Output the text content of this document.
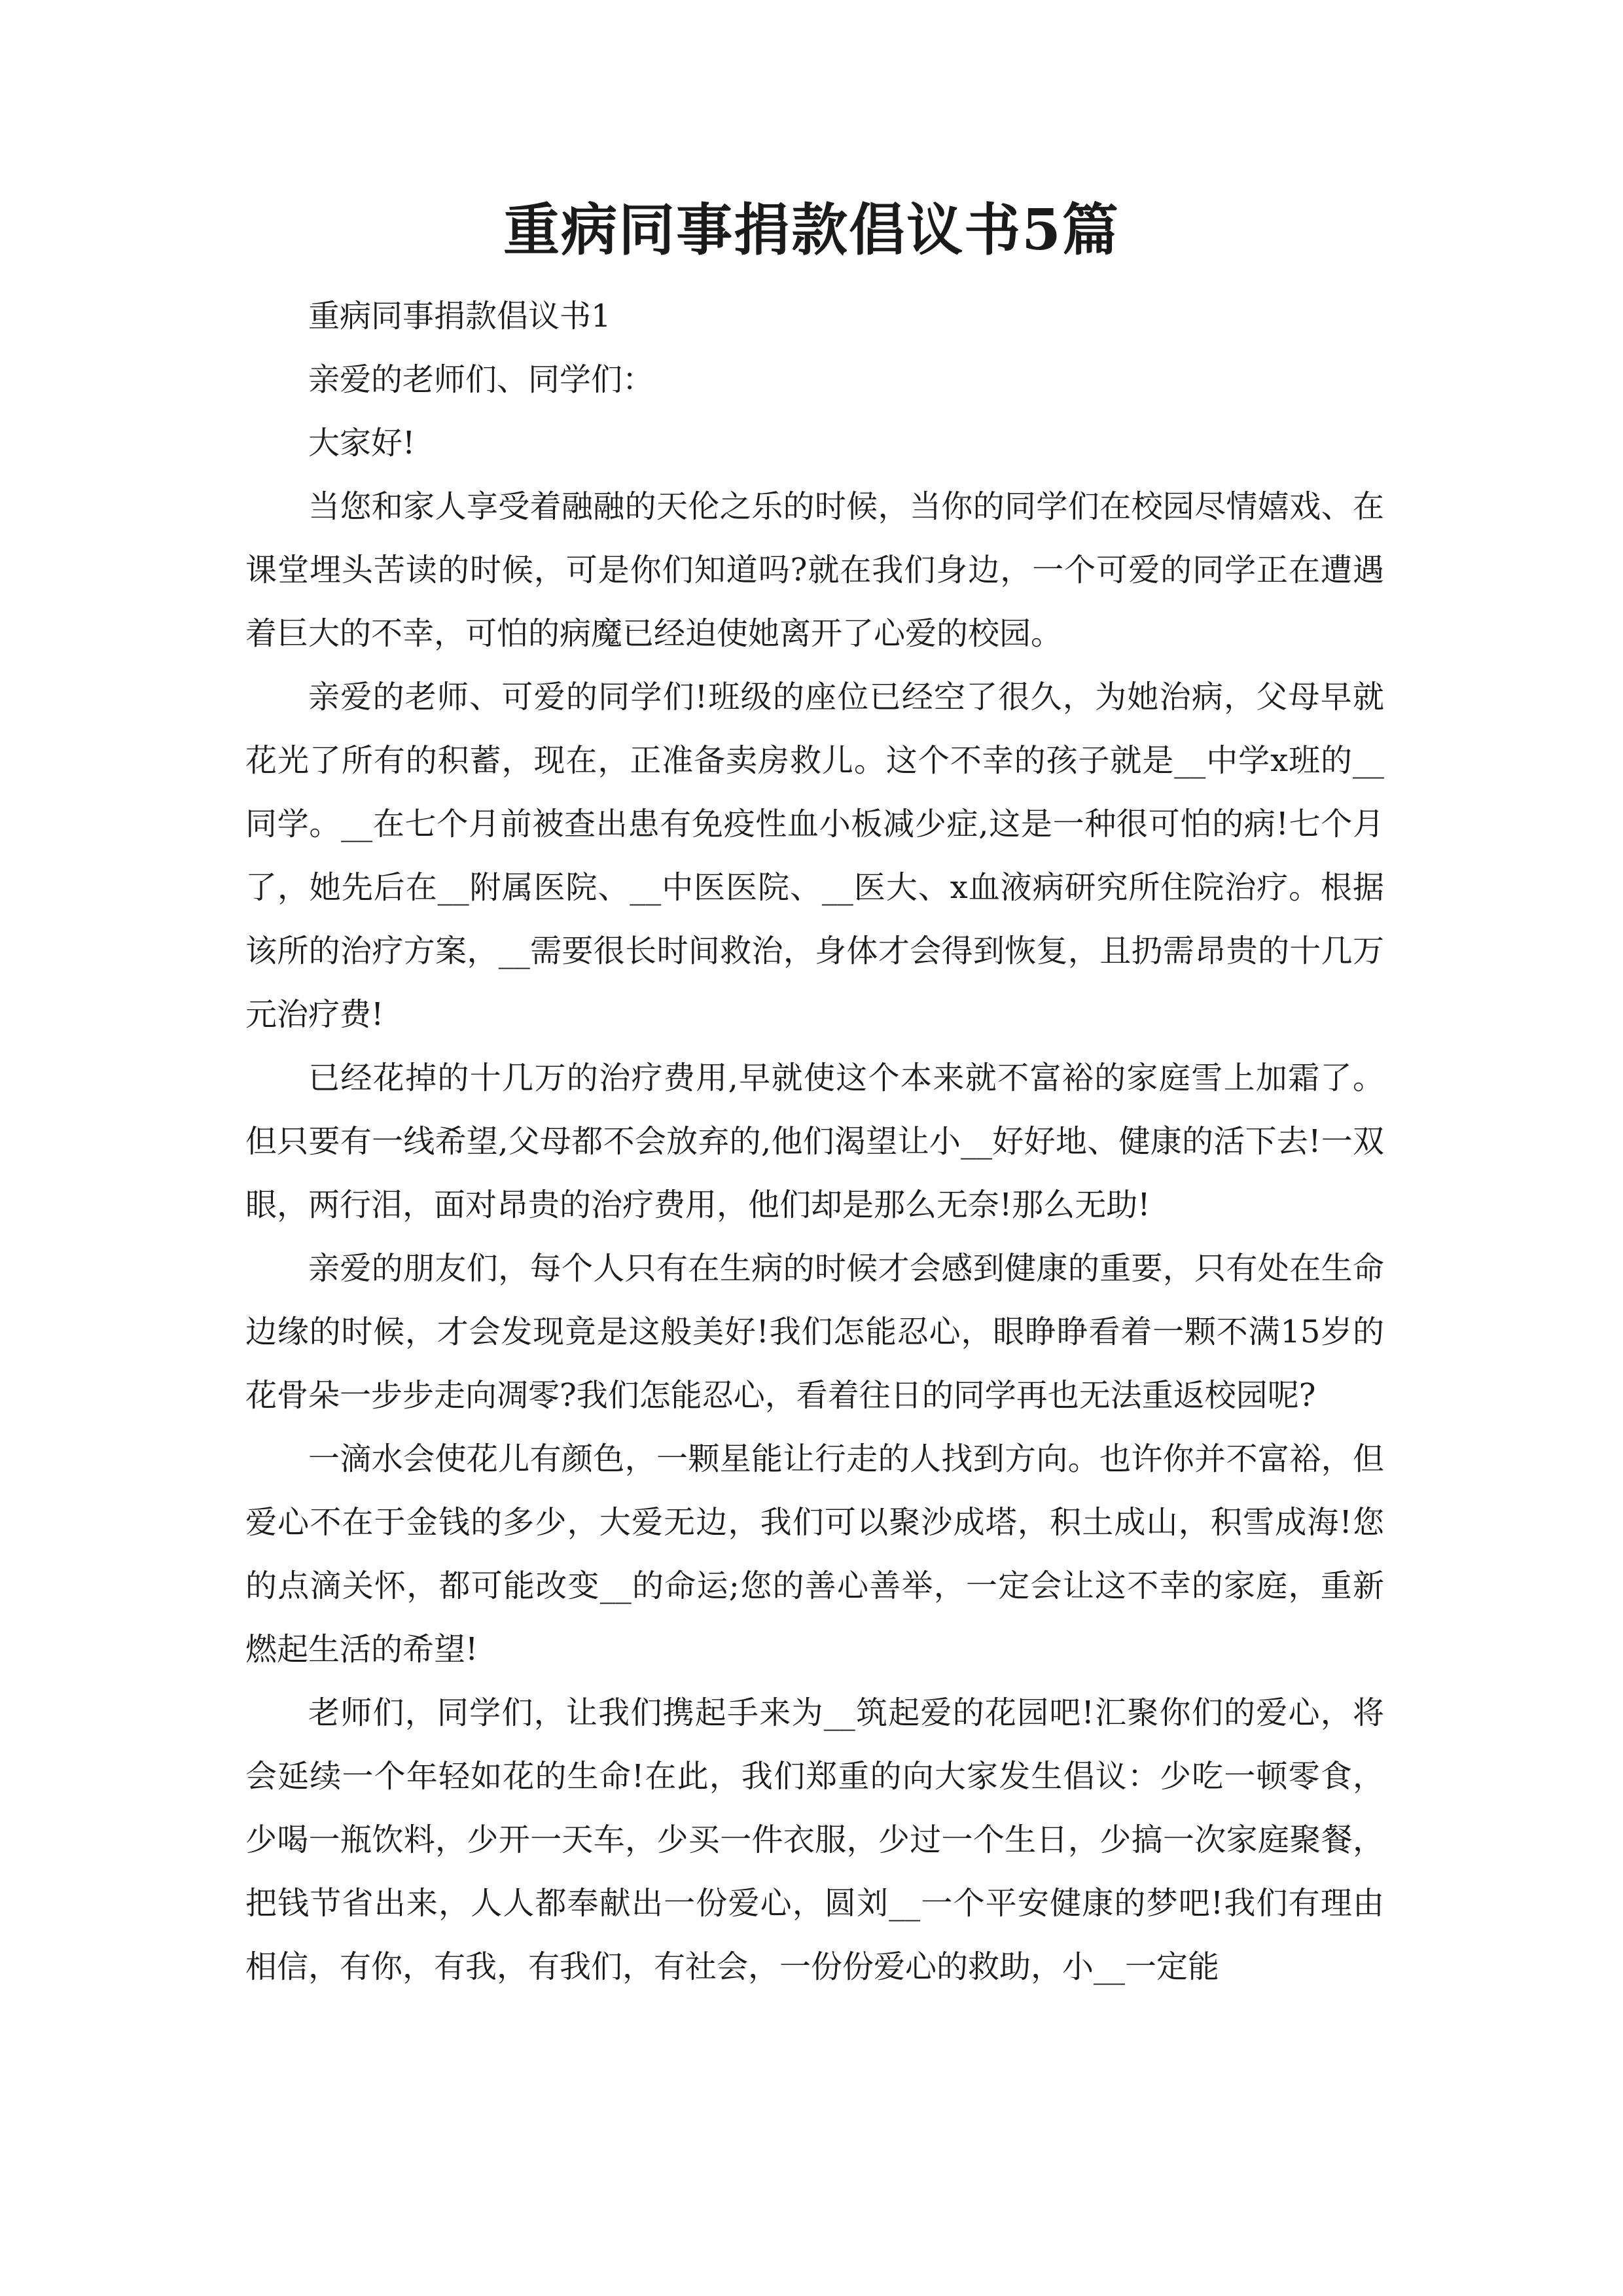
重病同事捐款倡议书5篇

重病同事捐款倡议书1

亲爱的老师们、同学们：

大家好!

当您和家人享受着融融的天伦之乐的时候，当你的同学们在校园尽情嬉戏、在课堂埋头苦读的时候，可是你们知道吗?就在我们身边，一个可爱的同学正在遭遇着巨大的不幸，可怕的病魔已经迫使她离开了心爱的校园。

亲爱的老师、可爱的同学们!班级的座位已经空了很久，为她治病，父母早就花光了所有的积蓄，现在，正准备卖房救儿。这个不幸的孩子就是__中学x班的__同学。__在七个月前被查出患有免疫性血小板减少症,这是一种很可怕的病!七个月了，她先后在__附属医院、__中医医院、__医大、x血液病研究所住院治疗。根据该所的治疗方案，__需要很长时间救治，身体才会得到恢复，且扔需昂贵的十几万元治疗费!

已经花掉的十几万的治疗费用,早就使这个本来就不富裕的家庭雪上加霜了。但只要有一线希望,父母都不会放弃的,他们渴望让小__好好地、健康的活下去!一双眼，两行泪，面对昂贵的治疗费用，他们却是那么无奈!那么无助!

亲爱的朋友们，每个人只有在生病的时候才会感到健康的重要，只有处在生命边缘的时候，才会发现竟是这般美好!我们怎能忍心，眼睁睁看着一颗不满15岁的花骨朵一步步走向凋零?我们怎能忍心，看着往日的同学再也无法重返校园呢?

一滴水会使花儿有颜色，一颗星能让行走的人找到方向。也许你并不富裕，但爱心不在于金钱的多少，大爱无边，我们可以聚沙成塔，积土成山，积雪成海!您的点滴关怀，都可能改变__的命运;您的善心善举，一定会让这不幸的家庭，重新燃起生活的希望!

老师们，同学们，让我们携起手来为__筑起爱的花园吧!汇聚你们的爱心，将会延续一个年轻如花的生命!在此，我们郑重的向大家发生倡议：少吃一顿零食，少喝一瓶饮料，少开一天车，少买一件衣服，少过一个生日，少搞一次家庭聚餐，把钱节省出来，人人都奉献出一份爱心，圆刘__一个平安健康的梦吧!我们有理由相信，有你，有我，有我们，有社会，一份份爱心的救助，小__一定能
